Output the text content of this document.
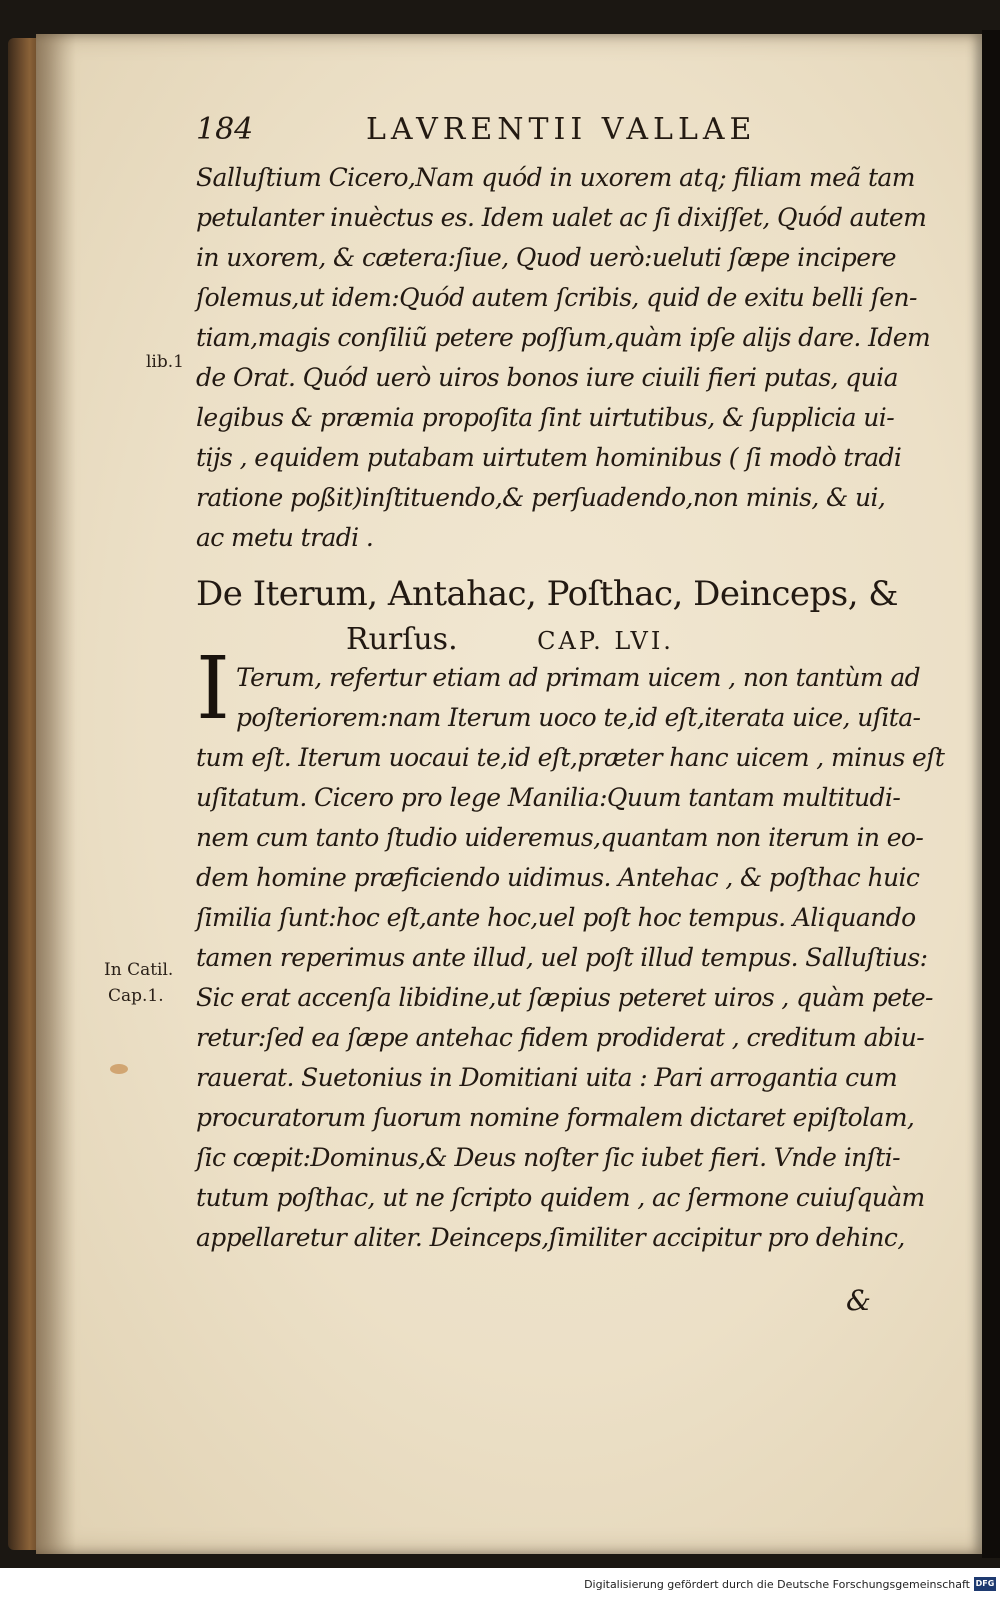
184	LAVRENTII VALLAE
Salluſtium Cicero,Nam quód in uxorem atq; filiam meã tam
petulanter inuèctus es. Idem ualet ac ſi dixiſſet, Quód autem
in uxorem, & cætera:ſiue, Quod uerò:ueluti ſæpe incipere
ſolemus,ut idem:Quód autem ſcribis, quid de exitu belli ſen-
tiam,magis conſiliũ petere poſſum,quàm ipſe alijs dare. Idem
de Orat. Quód uerò uiros bonos iure ciuili fieri putas, quia
legibus & præmia propoſita ſint uirtutibus, & ſupplicia ui-
tijs , equidem putabam uirtutem hominibus ( ſi modò tradi
ratione poßit)inſtituendo,& perſuadendo,non minis, & ui,
ac metu tradi .
De Iterum, Antahac, Poſthac, Deinceps, &
Rurſus.	CAP. LVI.
I Terum, refertur etiam ad primam uicem , non tantùm ad
poſteriorem:nam Iterum uoco te,id eſt,iterata uice, uſita-
tum eſt. Iterum uocaui te,id eſt,præter hanc uicem , minus eſt
uſitatum. Cicero pro lege Manilia:Quum tantam multitudi-
nem cum tanto ſtudio uideremus,quantam non iterum in eo-
dem homine præficiendo uidimus. Antehac , & poſthac huic
ſimilia ſunt:hoc eſt,ante hoc,uel poſt hoc tempus. Aliquando
tamen reperimus ante illud, uel poſt illud tempus. Salluſtius:
Sic erat accenſa libidine,ut ſæpius peteret uiros , quàm pete-
retur:ſed ea ſæpe antehac fidem prodiderat , creditum abiu-
rauerat. Suetonius in Domitiani uita : Pari arrogantia cum
procuratorum ſuorum nomine formalem dictaret epiſtolam,
ſic cœpit:Dominus,& Deus noſter ſic iubet fieri. Vnde inſti-
tutum poſthac, ut ne ſcripto quidem , ac ſermone cuiuſquàm
appellaretur aliter. Deinceps,ſimiliter accipitur pro dehinc,
lib.1
In Catil.
Cap.1.
&
Digitalisierung gefördert durch die Deutsche Forschungsgemeinschaft DFG
